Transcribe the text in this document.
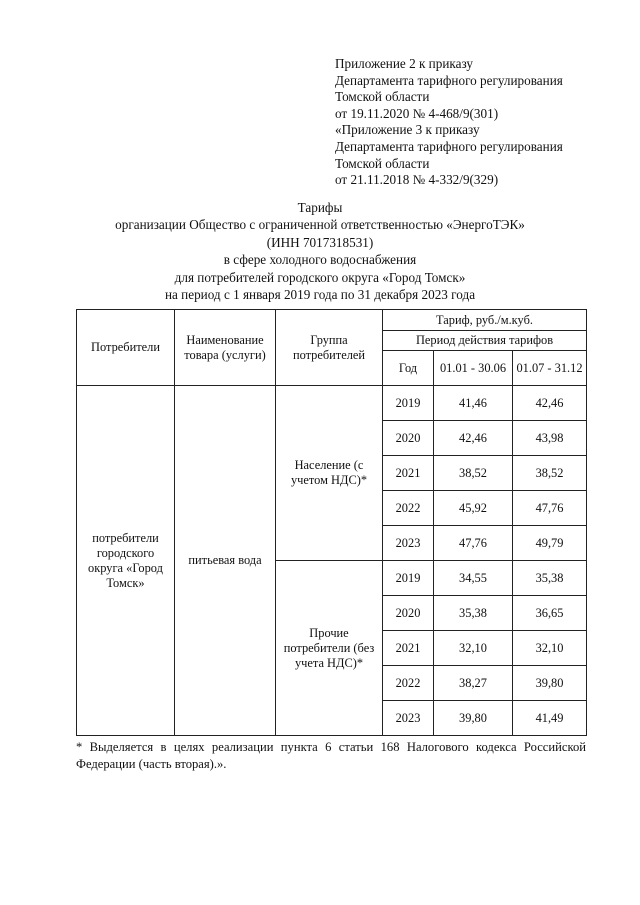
Приложение 2 к приказу
Департамента тарифного регулирования
Томской области
от 19.11.2020 № 4-468/9(301)
«Приложение 3 к приказу
Департамента тарифного регулирования
Томской области
от 21.11.2018 № 4-332/9(329)
Тарифы
организации Общество с ограниченной ответственностью «ЭнергоТЭК»
(ИНН 7017318531)
в сфере холодного водоснабжения
для потребителей городского округа «Город Томск»
на период с 1 января 2019 года по 31 декабря 2023 года
Потребители	Наименование товара (услуги)	Группа потребителей	Тариф, руб./м.куб.		
			Период действия тарифов		
			Год	01.01 - 30.06	01.07 - 31.12
потребители городского округа «Город Томск»	питьевая вода	Население (с учетом НДС)*	2019	41,46	42,46
			2020	42,46	43,98
			2021	38,52	38,52
			2022	45,92	47,76
			2023	47,76	49,79
		Прочие потребители (без учета НДС)*	2019	34,55	35,38
			2020	35,38	36,65
			2021	32,10	32,10
			2022	38,27	39,80
			2023	39,80	41,49
* Выделяется в целях реализации пункта 6 статьи 168 Налогового кодекса Российской Федерации (часть вторая).».
